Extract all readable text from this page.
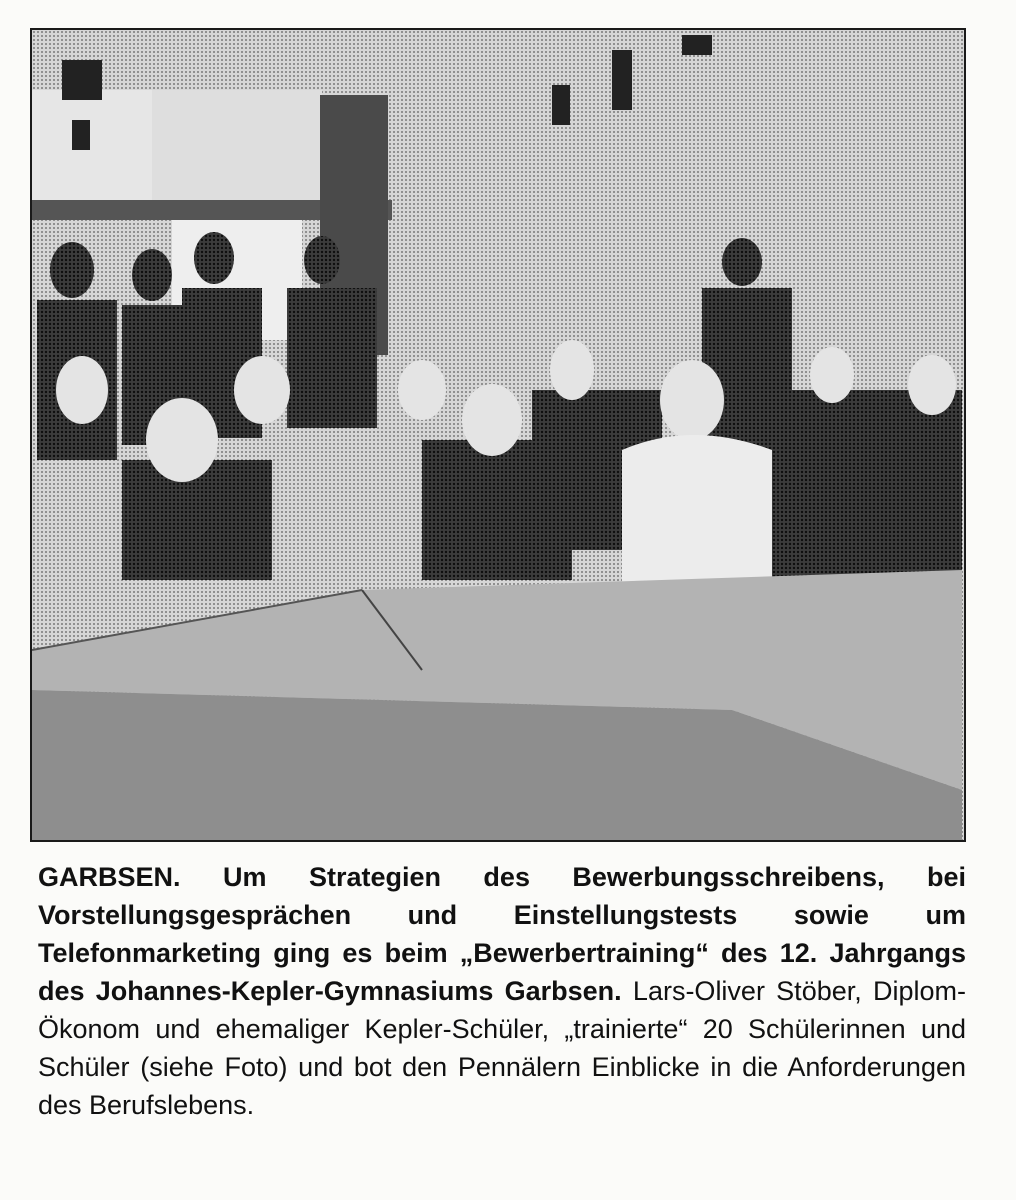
GARBSEN. Um Strategien des Bewerbungsschreibens, bei Vorstellungsgesprächen und Einstellungstests sowie um Telefonmarketing ging es beim „Bewerbertraining“ des 12. Jahrgangs des Johannes-Kepler-Gymnasiums Garbsen. Lars-Oliver Stöber, Diplom-Ökonom und ehemaliger Kepler-Schüler, „trainierte“ 20 Schülerinnen und Schüler (siehe Foto) und bot den Pennälern Einblicke in die Anforderungen des Berufslebens.
